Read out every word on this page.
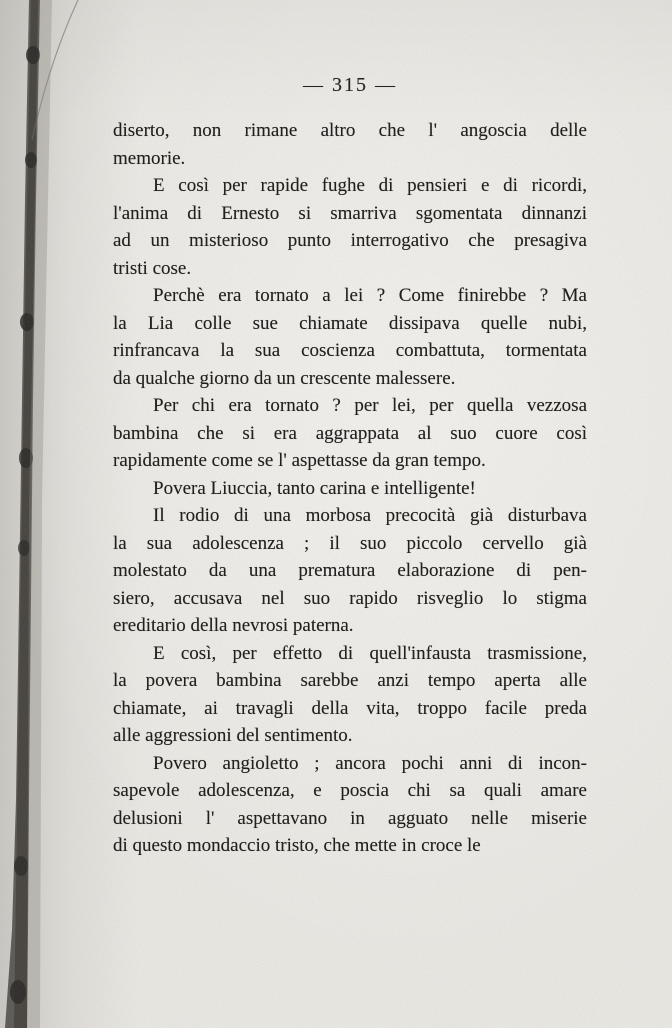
— 315 —
diserto, non rimane altro che l' angoscia delle
memorie.
E così per rapide fughe di pensieri e di ricordi,
l'anima di Ernesto si smarriva sgomentata dinnanzi
ad un misterioso punto interrogativo che presagiva
tristi cose.
Perchè era tornato a lei ? Come finirebbe ? Ma
la Lia colle sue chiamate dissipava quelle nubi,
rinfrancava la sua coscienza combattuta, tormentata
da qualche giorno da un crescente malessere.
Per chi era tornato ? per lei, per quella vezzosa
bambina che si era aggrappata al suo cuore così
rapidamente come se l' aspettasse da gran tempo.
Povera Liuccia, tanto carina e intelligente!
Il rodio di una morbosa precocità già disturbava
la sua adolescenza ; il suo piccolo cervello già
molestato da una prematura elaborazione di pen-
siero, accusava nel suo rapido risveglio lo stigma
ereditario della nevrosi paterna.
E così, per effetto di quell'infausta trasmissione,
la povera bambina sarebbe anzi tempo aperta alle
chiamate, ai travagli della vita, troppo facile preda
alle aggressioni del sentimento.
Povero angioletto ; ancora pochi anni di incon-
sapevole adolescenza, e poscia chi sa quali amare
delusioni l' aspettavano in agguato nelle miserie
di questo mondaccio tristo, che mette in croce le
